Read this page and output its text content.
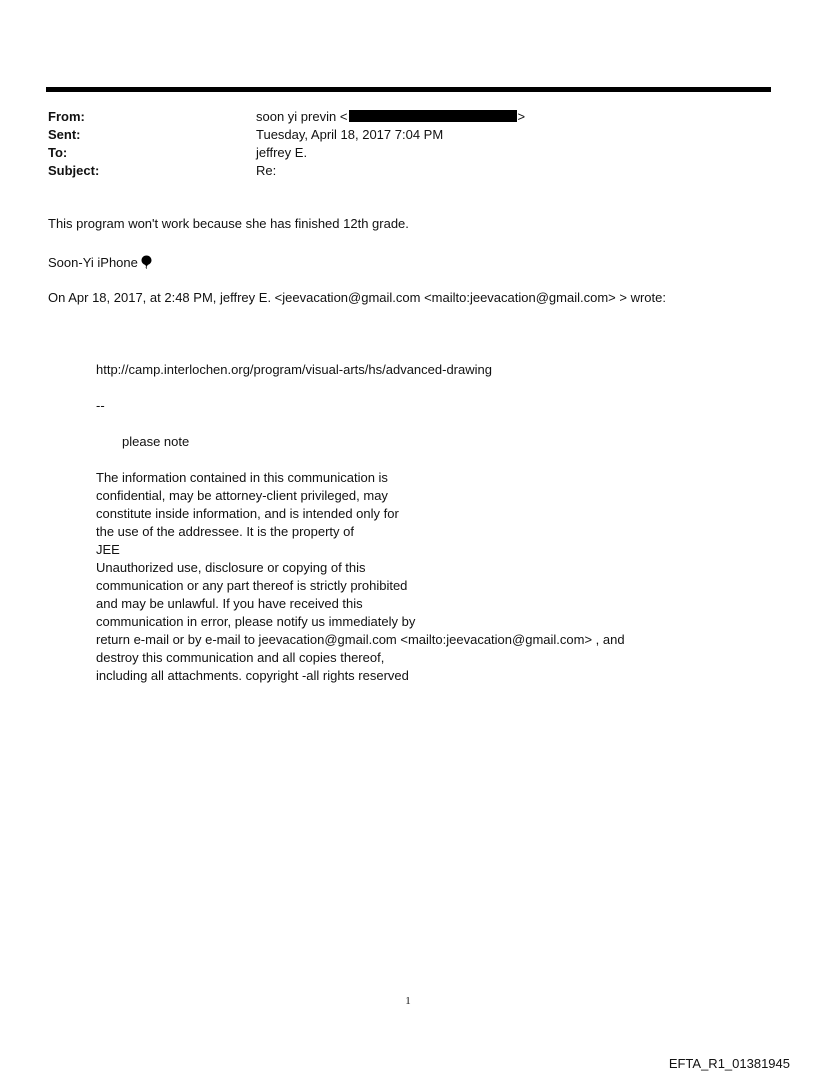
From:	soon yi previn <	>
Sent:	Tuesday, April 18, 2017 7:04 PM
To:	jeffrey E.
Subject:	Re:
This program won't work because she has finished 12th grade.
Soon-Yi iPhone
On Apr 18, 2017, at 2:48 PM, jeffrey E. <jeevacation@gmail.com <mailto:jeevacation@gmail.com> > wrote:
http://camp.interlochen.org/program/visual-arts/hs/advanced-drawing
--
please note
The information contained in this communication is
confidential, may be attorney-client privileged, may
constitute inside information, and is intended only for
the use of the addressee. It is the property of
JEE
Unauthorized use, disclosure or copying of this
communication or any part thereof is strictly prohibited
and may be unlawful. If you have received this
communication in error, please notify us immediately by
return e-mail or by e-mail to jeevacation@gmail.com <mailto:jeevacation@gmail.com> , and
destroy this communication and all copies thereof,
including all attachments. copyright -all rights reserved
1
EFTA_R1_01381945
